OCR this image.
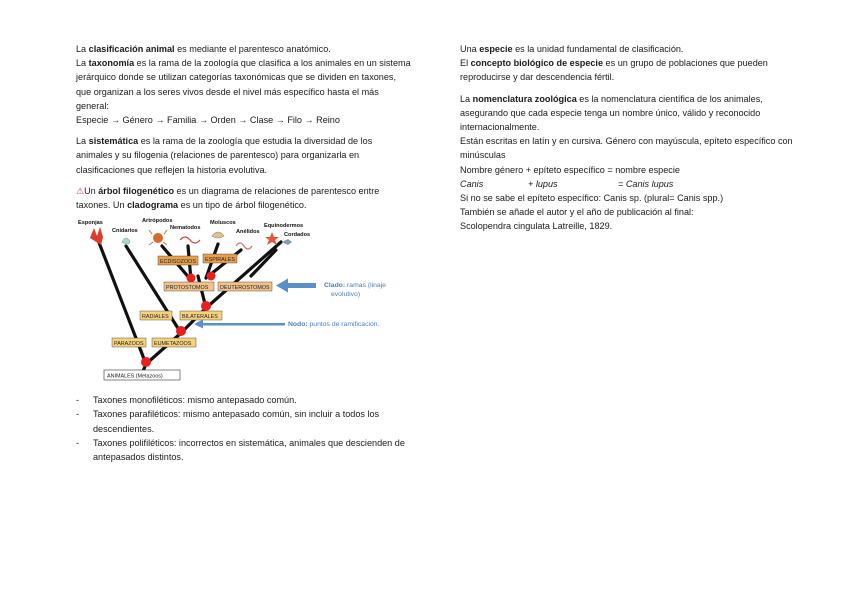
La clasificación animal es mediante el parentesco anatómico.

La taxonomía es la rama de la zoología que clasifica a los animales en un sistema jerárquico donde se utilizan categorías taxonómicas que se dividen en taxones, que organizan a los seres vivos desde el nivel más específico hasta el más general:

Especie → Género → Familia → Orden → Clase → Filo → Reino

La sistemática es la rama de la zoología que estudia la diversidad de los animales y su filogenia (relaciones de parentesco) para organizarla en clasificaciones que reflejen la historia evolutiva.

⚠Un árbol filogenético es un diagrama de relaciones de parentesco entre taxones. Un cladograma es un tipo de árbol filogenético.

Esponjas
Cnidarios
Artrópodos
Nematodos
Moluscos
Anélidos
Equinodermos
Cordados
ECDISOZOOS ESPIRALES
PROTOSTOMOS DEUTEROSTOMOS
RADIALES BILATERALES
PARAZOOS EUMETAZOOS
ANIMALES (Metazoos)
Clado: ramas (linaje
evolutivo)
Nodo: puntos de ramificación.
- Taxones monofiléticos: mismo antepasado común.
- Taxones parafiléticos: mismo antepasado común, sin incluir a todos los descendientes.
- Taxones polifiléticos: incorrectos en sistemática, animales que descienden de antepasados distintos.

Una especie es la unidad fundamental de clasificación.

El concepto biológico de especie es un grupo de poblaciones que pueden reproducirse y dar descendencia fértil.

La nomenclatura zoológica es la nomenclatura científica de los animales, asegurando que cada especie tenga un nombre único, válido y reconocido internacionalmente.

Están escritas en latín y en cursiva. Género con mayúscula, epíteto específico con minúsculas

Nombre género + epíteto específico = nombre especie

Canis	+ lupus	= Canis lupus

Si no se sabe el epíteto específico: Canis sp. (plural= Canis spp.)

También se añade el autor y el año de publicación al final:

Scolopendra cingulata Latreille, 1829.
